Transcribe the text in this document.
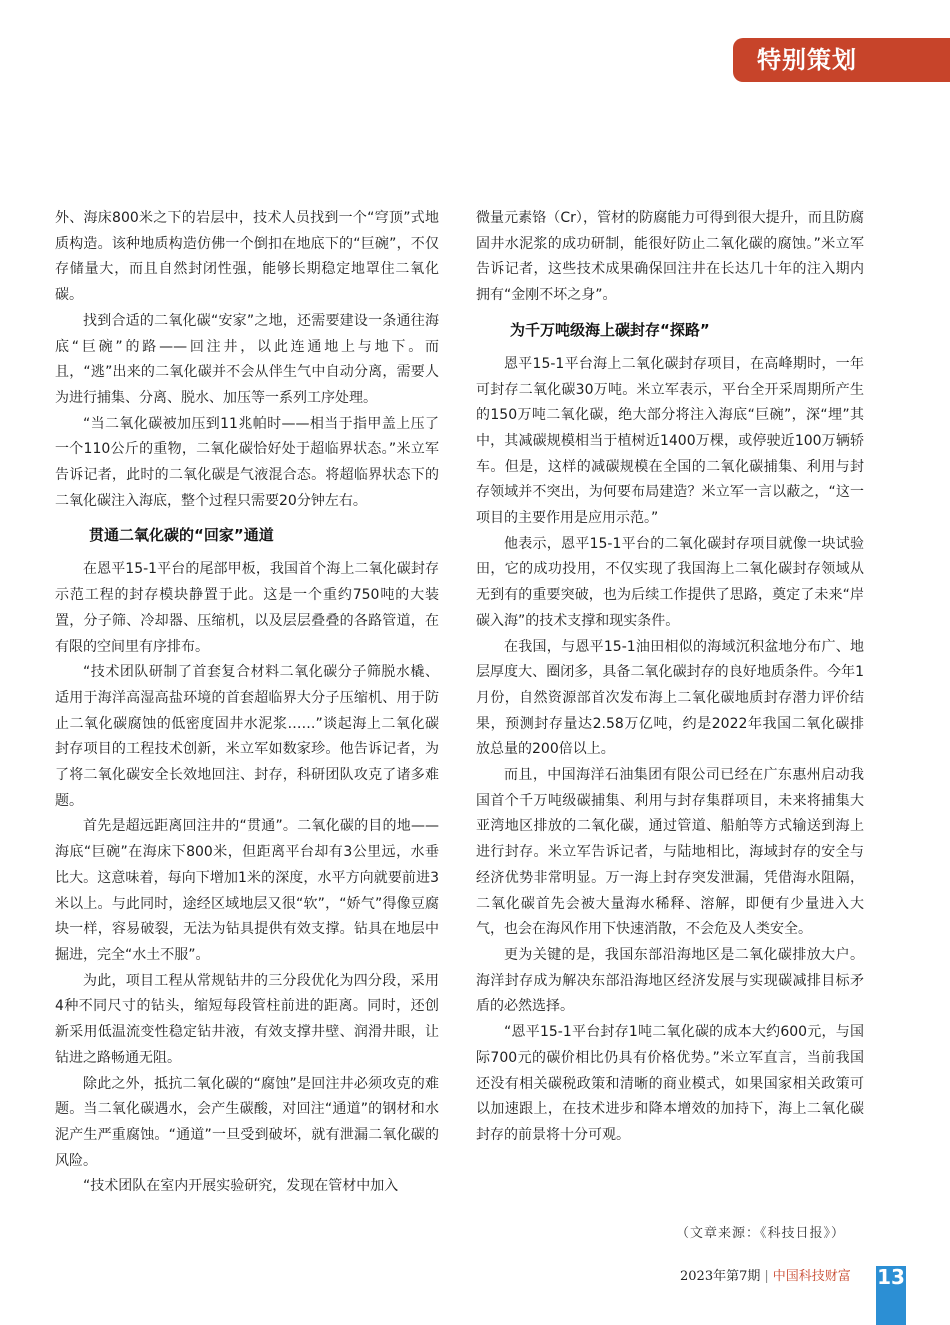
特别策划

外、海床800米之下的岩层中，技术人员找到一个“穹顶”式地质构造。该种地质构造仿佛一个倒扣在地底下的“巨碗”，不仅存储量大，而且自然封闭性强，能够长期稳定地罩住二氧化碳。

找到合适的二氧化碳“安家”之地，还需要建设一条通往海底“巨碗”的路——回注井，以此连通地上与地下。而且，“逃”出来的二氧化碳并不会从伴生气中自动分离，需要人为进行捕集、分离、脱水、加压等一系列工序处理。

“当二氧化碳被加压到11兆帕时——相当于指甲盖上压了一个110公斤的重物，二氧化碳恰好处于超临界状态。”米立军告诉记者，此时的二氧化碳是气液混合态。将超临界状态下的二氧化碳注入海底，整个过程只需要20分钟左右。

贯通二氧化碳的“回家”通道

在恩平15-1平台的尾部甲板，我国首个海上二氧化碳封存示范工程的封存模块静置于此。这是一个重约750吨的大装置，分子筛、冷却器、压缩机，以及层层叠叠的各路管道，在有限的空间里有序排布。

“技术团队研制了首套复合材料二氧化碳分子筛脱水橇、适用于海洋高湿高盐环境的首套超临界大分子压缩机、用于防止二氧化碳腐蚀的低密度固井水泥浆……”谈起海上二氧化碳封存项目的工程技术创新，米立军如数家珍。他告诉记者，为了将二氧化碳安全长效地回注、封存，科研团队攻克了诸多难题。

首先是超远距离回注井的“贯通”。二氧化碳的目的地——海底“巨碗”在海床下800米，但距离平台却有3公里远，水垂比大。这意味着，每向下增加1米的深度，水平方向就要前进3米以上。与此同时，途经区域地层又很“软”，“娇气”得像豆腐块一样，容易破裂，无法为钻具提供有效支撑。钻具在地层中掘进，完全“水土不服”。

为此，项目工程从常规钻井的三分段优化为四分段，采用4种不同尺寸的钻头，缩短每段管柱前进的距离。同时，还创新采用低温流变性稳定钻井液，有效支撑井壁、润滑井眼，让钻进之路畅通无阻。

除此之外，抵抗二氧化碳的“腐蚀”是回注井必须攻克的难题。当二氧化碳遇水，会产生碳酸，对回注“通道”的钢材和水泥产生严重腐蚀。“通道”一旦受到破坏，就有泄漏二氧化碳的风险。

“技术团队在室内开展实验研究，发现在管材中加入

微量元素铬（Cr），管材的防腐能力可得到很大提升，而且防腐固井水泥浆的成功研制，能很好防止二氧化碳的腐蚀。”米立军告诉记者，这些技术成果确保回注井在长达几十年的注入期内拥有“金刚不坏之身”。

为千万吨级海上碳封存“探路”

恩平15-1平台海上二氧化碳封存项目，在高峰期时，一年可封存二氧化碳30万吨。米立军表示，平台全开采周期所产生的150万吨二氧化碳，绝大部分将注入海底“巨碗”，深“埋”其中，其减碳规模相当于植树近1400万棵，或停驶近100万辆轿车。但是，这样的减碳规模在全国的二氧化碳捕集、利用与封存领域并不突出，为何要布局建造？米立军一言以蔽之，“这一项目的主要作用是应用示范。”

他表示，恩平15-1平台的二氧化碳封存项目就像一块试验田，它的成功投用，不仅实现了我国海上二氧化碳封存领域从无到有的重要突破，也为后续工作提供了思路，奠定了未来“岸碳入海”的技术支撑和现实条件。

在我国，与恩平15-1油田相似的海域沉积盆地分布广、地层厚度大、圈闭多，具备二氧化碳封存的良好地质条件。今年1月份，自然资源部首次发布海上二氧化碳地质封存潜力评价结果，预测封存量达2.58万亿吨，约是2022年我国二氧化碳排放总量的200倍以上。

而且，中国海洋石油集团有限公司已经在广东惠州启动我国首个千万吨级碳捕集、利用与封存集群项目，未来将捕集大亚湾地区排放的二氧化碳，通过管道、船舶等方式输送到海上进行封存。米立军告诉记者，与陆地相比，海域封存的安全与经济优势非常明显。万一海上封存突发泄漏，凭借海水阻隔，二氧化碳首先会被大量海水稀释、溶解，即便有少量进入大气，也会在海风作用下快速消散，不会危及人类安全。

更为关键的是，我国东部沿海地区是二氧化碳排放大户。海洋封存成为解决东部沿海地区经济发展与实现碳减排目标矛盾的必然选择。

“恩平15-1平台封存1吨二氧化碳的成本大约600元，与国际700元的碳价相比仍具有价格优势。”米立军直言，当前我国还没有相关碳税政策和清晰的商业模式，如果国家相关政策可以加速跟上，在技术进步和降本增效的加持下，海上二氧化碳封存的前景将十分可观。

（文章来源：《科技日报》）
2023年第7期 | 中国科技财富 13
